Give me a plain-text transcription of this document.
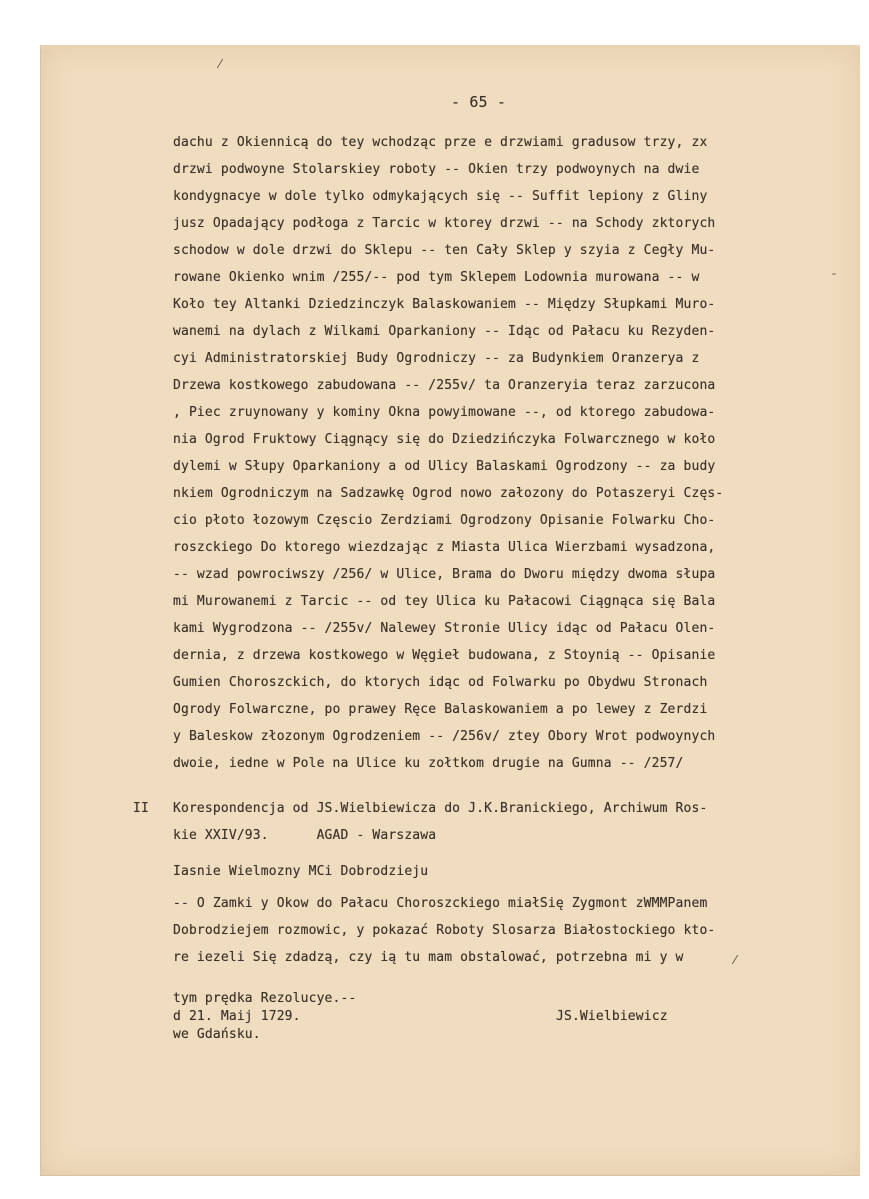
- 65 -
dachu z Okiennicą do tey wchodząc prze e drzwiami gradusow trzy, zx
drzwi podwoyne Stolarskiey roboty -- Okien trzy podwoynych na dwie
kondygnacye w dole tylko odmykających się -- Suffit lepiony z Gliny
jusz Opadający podłoga z Tarcic w ktorey drzwi -- na Schody zktorych
schodow w dole drzwi do Sklepu -- ten Cały Sklep y szyia z Cegły Mu-
rowane Okienko wnim /255/-- pod tym Sklepem Lodownia murowana -- w
Koło tey Altanki Dziedzinczyk Balaskowaniem -- Między Słupkami Muro-
wanemi na dylach z Wilkami Oparkaniony -- Idąc od Pałacu ku Rezyden-
cyi Administratorskiej Budy Ogrodniczy -- za Budynkiem Oranzerya z
Drzewa kostkowego zabudowana -- /255v/ ta Oranzeryia teraz zarzucona
, Piec zruynowany y kominy Okna powyimowane --, od ktorego zabudowa-
nia Ogrod Fruktowy Ciągnący się do Dziedzińczyka Folwarcznego w koło
dylemi w Słupy Oparkaniony a od Ulicy Balaskami Ogrodzony -- za budy
nkiem Ogrodniczym na Sadzawkę Ogrod nowo załozony do Potaszeryi Częs-
cio płoto łozowym Częscio Zerdziami Ogrodzony Opisanie Folwarku Cho-
roszckiego Do ktorego wiezdzając z Miasta Ulica Wierzbami wysadzona,
-- wzad powrociwszy /256/ w Ulice, Brama do Dworu między dwoma słupa
mi Murowanemi z Tarcic -- od tey Ulica ku Pałacowi Ciągnąca się Bala
kami Wygrodzona -- /255v/ Nalewey Stronie Ulicy idąc od Pałacu Olen-
dernia, z drzewa kostkowego w Węgieł budowana, z Stoynią -- Opisanie
Gumien Choroszckich, do ktorych idąc od Folwarku po Obydwu Stronach
Ogrody Folwarczne, po prawey Ręce Balaskowaniem a po lewey z Zerdzi
y Baleskow złozonym Ogrodzeniem -- /256v/ ztey Obory Wrot podwoynych
dwoie, iedne w Pole na Ulice ku zołtkom drugie na Gumna -- /257/
II Korespondencja od JS.Wielbiewicza do J.K.Branickiego, Archiwum Ros-
kie XXIV/93.      AGAD - Warszawa
Iasnie Wielmozny MCi Dobrodzieju
-- O Zamki y Okow do Pałacu Choroszckiego miałSię Zygmont zWMMPanem
Dobrodziejem rozmowic, y pokazać Roboty Slosarza Białostockiego kto-
re iezeli Się zdadzą, czy ią tu mam obstalować, potrzebna mi y w
tym prędka Rezolucye.--
d 21. Maij 1729.
we Gdańsku.
JS.Wielbiewicz
⁄
ˉ
⁄
